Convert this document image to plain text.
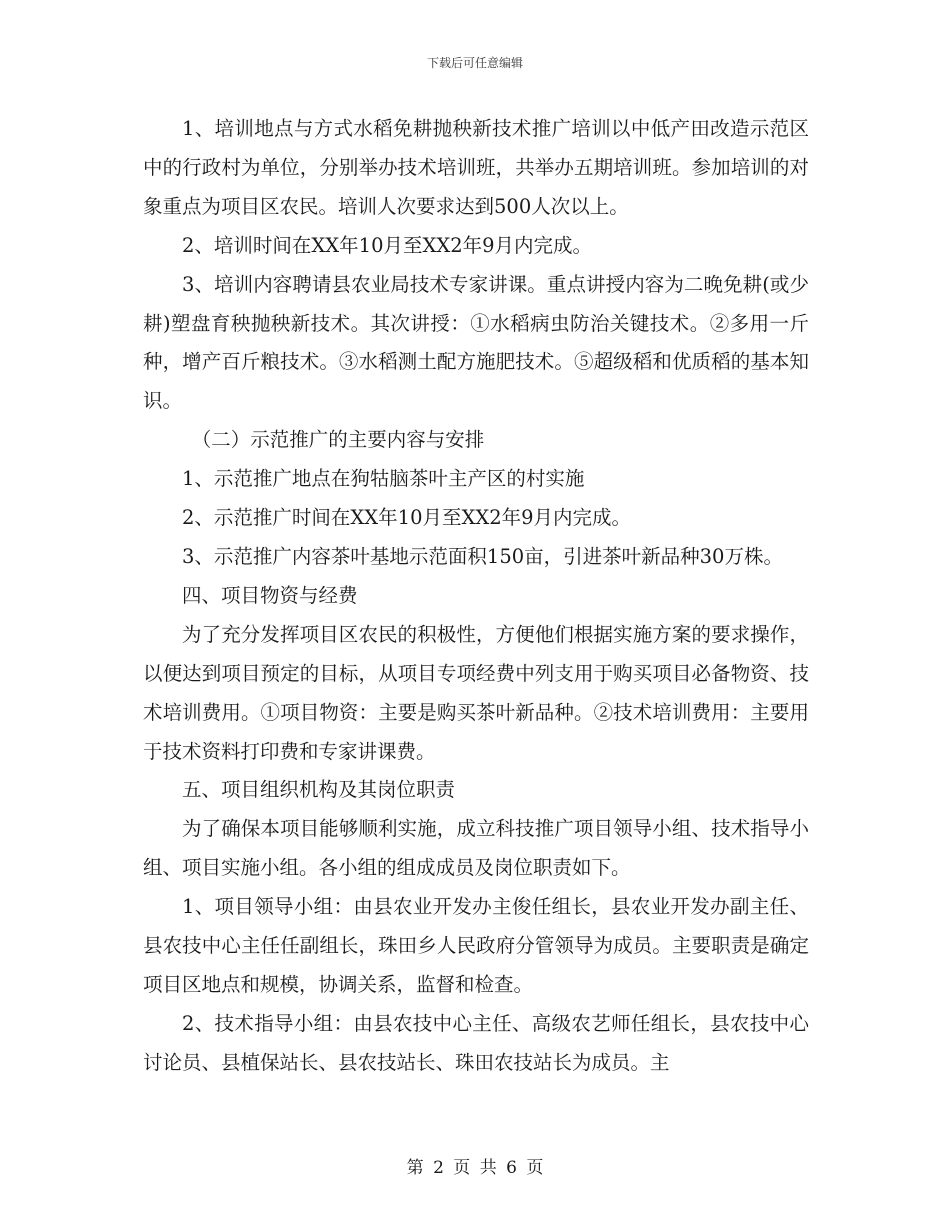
下载后可任意编辑

1、培训地点与方式水稻免耕抛秧新技术推广培训以中低产田改造示范区中的行政村为单位，分别举办技术培训班，共举办五期培训班。参加培训的对象重点为项目区农民。培训人次要求达到500人次以上。

2、培训时间在XX年10月至XX2年9月内完成。

3、培训内容聘请县农业局技术专家讲课。重点讲授内容为二晚免耕(或少耕)塑盘育秧抛秧新技术。其次讲授：①水稻病虫防治关键技术。②多用一斤种，增产百斤粮技术。③水稻测土配方施肥技术。⑤超级稻和优质稻的基本知识。

（二）示范推广的主要内容与安排

1、示范推广地点在狗牯脑茶叶主产区的村实施

2、示范推广时间在XX年10月至XX2年9月内完成。

3、示范推广内容茶叶基地示范面积150亩，引进茶叶新品种30万株。

四、项目物资与经费

为了充分发挥项目区农民的积极性，方便他们根据实施方案的要求操作，以便达到项目预定的目标，从项目专项经费中列支用于购买项目必备物资、技术培训费用。①项目物资：主要是购买茶叶新品种。②技术培训费用：主要用于技术资料打印费和专家讲课费。

五、项目组织机构及其岗位职责

为了确保本项目能够顺利实施，成立科技推广项目领导小组、技术指导小组、项目实施小组。各小组的组成成员及岗位职责如下。

1、项目领导小组：由县农业开发办主俊任组长，县农业开发办副主任、县农技中心主任任副组长，珠田乡人民政府分管领导为成员。主要职责是确定项目区地点和规模，协调关系，监督和检查。

2、技术指导小组：由县农技中心主任、高级农艺师任组长，县农技中心讨论员、县植保站长、县农技站长、珠田农技站长为成员。主

第 2 页 共 6 页
